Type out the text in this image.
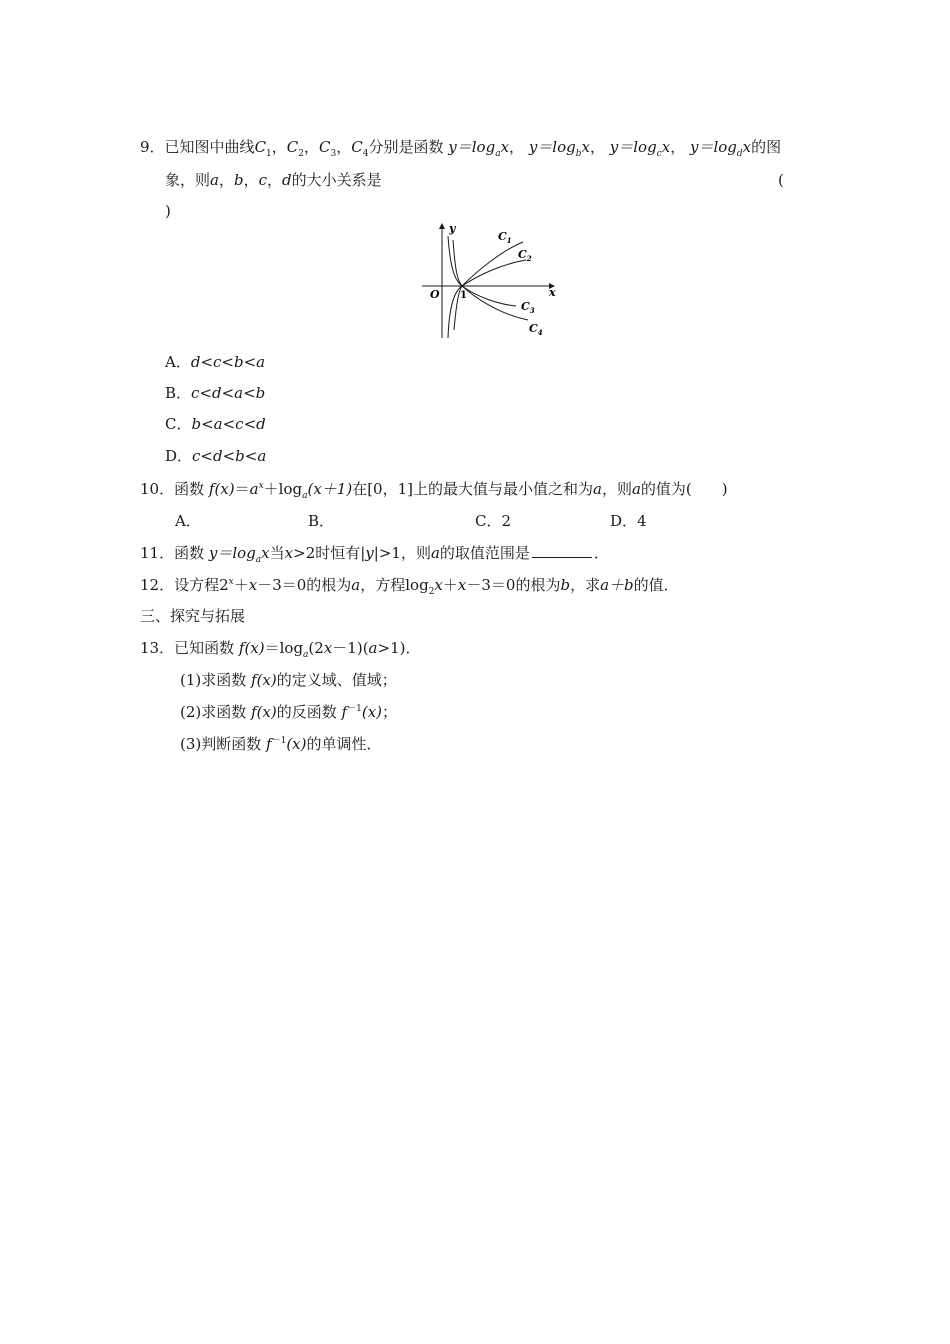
9．已知图中曲线$C_1$，$C_2$，$C_3$，$C_4$分别是函数 $y=\log_ax$， $y=\log_bx$， $y=\log_cx$， $y=\log_dx$的图
象，则a，b，c，d的大小关系是	(
)
y
x
O 1
$C_1$
$C_2$
$C_3$
$C_4$
A．d<c<b<a
B．c<d<a<b
C．b<a<c<d
D．c<d<b<a
10．函数 $f(x)=a^x+\log_a(x+1)$在[0，1]上的最大值与最小值之和为a，则a的值为(　　)
A．	B．	C．2	D．4
11．函数 $y=\log_ax$当x>2时恒有|y|>1，则a的取值范围是	．
12．设方程$2^x+x-3=0$的根为a，方程$\log_2x+x-3=0$的根为b，求a＋b的值．
三、探究与拓展
13．已知函数 $f(x)=\log_a(2x-1)(a>1)$．
(1)求函数 f(x)的定义域、值域；
(2)求函数 f(x)的反函数 $f^{-1}(x)$；
(3)判断函数 $f^{-1}(x)$的单调性．
